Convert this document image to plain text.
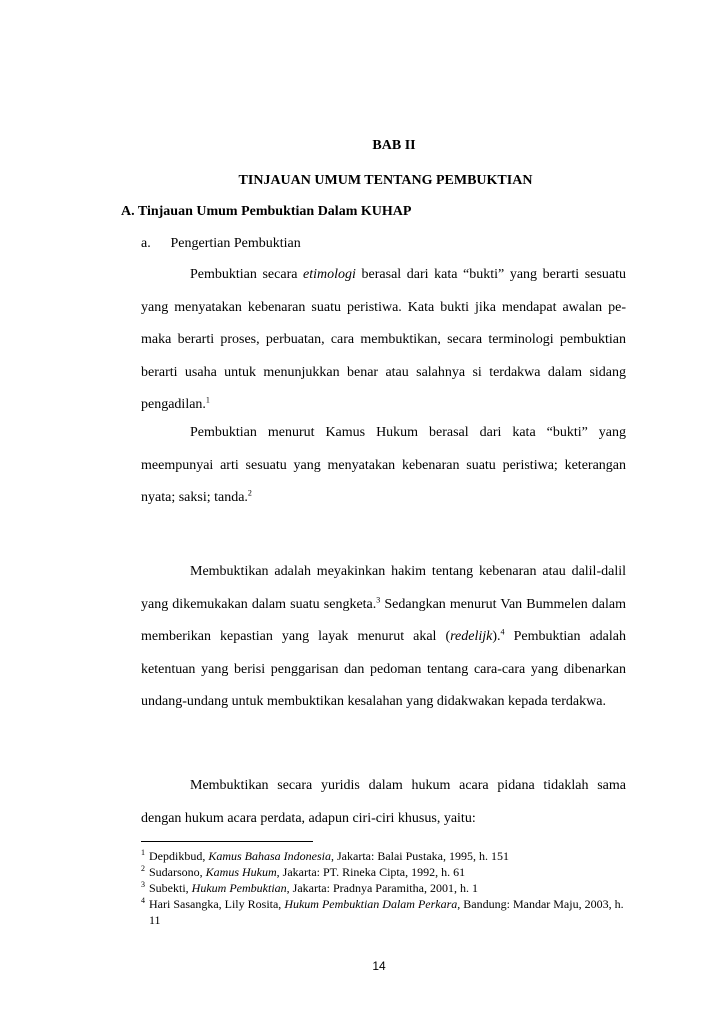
BAB II
TINJAUAN UMUM TENTANG PEMBUKTIAN
A. Tinjauan Umum Pembuktian Dalam KUHAP
a. Pengertian Pembuktian
Pembuktian secara etimologi berasal dari kata “bukti” yang berarti sesuatu yang menyatakan kebenaran suatu peristiwa. Kata bukti jika mendapat awalan pe- maka berarti proses, perbuatan, cara membuktikan, secara terminologi pembuktian berarti usaha untuk menunjukkan benar atau salahnya si terdakwa dalam sidang pengadilan.$^1$
Pembuktian menurut Kamus Hukum berasal dari kata “bukti” yang meempunyai arti sesuatu yang menyatakan kebenaran suatu peristiwa; keterangan nyata; saksi; tanda.$^2$
Membuktikan adalah meyakinkan hakim tentang kebenaran atau dalil-dalil yang dikemukakan dalam suatu sengketa.$^3$ Sedangkan menurut Van Bummelen dalam memberikan kepastian yang layak menurut akal (redelijk).$^4$ Pembuktian adalah ketentuan yang berisi penggarisan dan pedoman tentang cara-cara yang dibenarkan undang-undang untuk membuktikan kesalahan yang didakwakan kepada terdakwa.
Membuktikan secara yuridis dalam hukum acara pidana tidaklah sama dengan hukum acara perdata, adapun ciri-ciri khusus, yaitu:
1 Depdikbud, Kamus Bahasa Indonesia, Jakarta: Balai Pustaka, 1995, h. 151
2 Sudarsono, Kamus Hukum, Jakarta: PT. Rineka Cipta, 1992, h. 61
3 Subekti, Hukum Pembuktian, Jakarta: Pradnya Paramitha, 2001, h. 1
4 Hari Sasangka, Lily Rosita, Hukum Pembuktian Dalam Perkara, Bandung: Mandar Maju, 2003, h. 11
14
